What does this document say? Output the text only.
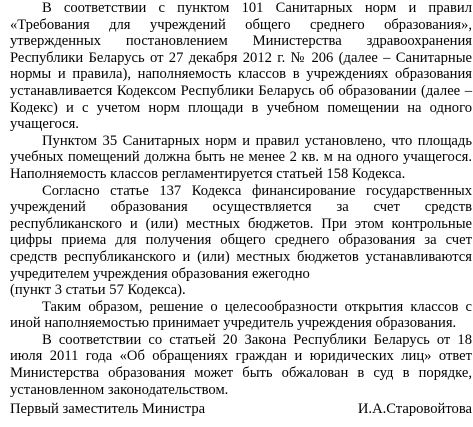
В соответствии с пунктом 101 Санитарных норм и правил «Требования для учреждений общего среднего образования», утвержденных постановлением Министерства здравоохранения Республики Беларусь от 27 декабря 2012 г. № 206 (далее – Санитарные нормы и правила), наполняемость классов в учреждениях образования устанавливается Кодексом Республики Беларусь об образовании (далее – Кодекс) и с учетом норм площади в учебном помещении на одного учащегося.

Пунктом 35 Санитарных норм и правил установлено, что площадь учебных помещений должна быть не менее 2 кв. м на одного учащегося. Наполняемость классов регламентируется статьей 158 Кодекса.

Согласно статье 137 Кодекса финансирование государственных учреждений образования осуществляется за счет средств республиканского и (или) местных бюджетов. При этом контрольные цифры приема для получения общего среднего образования за счет средств республиканского и (или) местных бюджетов устанавливаются учредителем учреждения образования ежегодно
(пункт 3 статьи 57 Кодекса).

Таким образом, решение о целесообразности открытия классов с иной наполняемостью принимает учредитель учреждения образования.

В соответствии со статьей 20 Закона Республики Беларусь от 18 июля 2011 года «Об обращениях граждан и юридических лиц» ответ Министерства образования может быть обжалован в суд в порядке, установленном законодательством.

Первый заместитель Министра	И.А.Старовойтова
